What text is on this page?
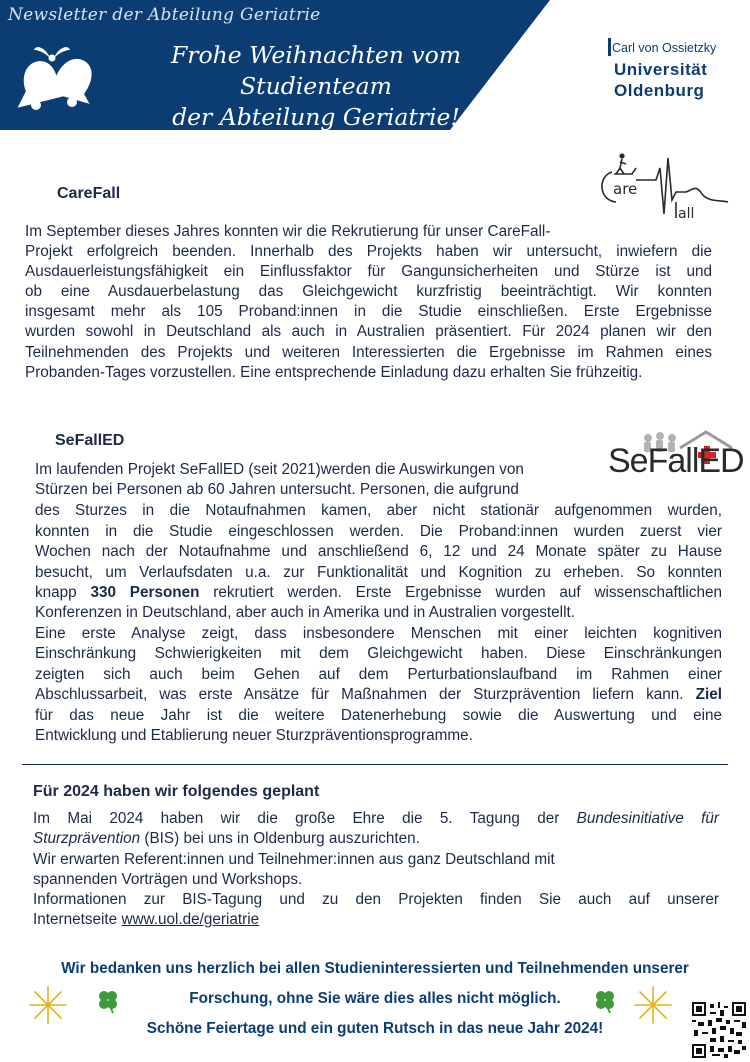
Newsletter der Abteilung Geriatrie
Frohe Weihnachten vom Studienteam
der Abteilung Geriatrie!
Carl von Ossietzky
Universität
Oldenburg
CareFall	are
all
Im September dieses Jahres konnten wir die Rekrutierung für unser CareFall-
Projekt erfolgreich beenden. Innerhalb des Projekts haben wir untersucht, inwiefern die
Ausdauerleistungsfähigkeit ein Einflussfaktor für Gangunsicherheiten und Stürze ist und
ob eine Ausdauerbelastung das Gleichgewicht kurzfristig beeinträchtigt. Wir konnten
insgesamt mehr als 105 Proband:innen in die Studie einschließen. Erste Ergebnisse
wurden sowohl in Deutschland als auch in Australien präsentiert. Für 2024 planen wir den
Teilnehmenden des Projekts und weiteren Interessierten die Ergebnisse im Rahmen eines
Probanden-Tages vorzustellen. Eine entsprechende Einladung dazu erhalten Sie frühzeitig.
SeFallED
SeFallED
Im laufenden Projekt SeFallED (seit 2021)werden die Auswirkungen von
Stürzen bei Personen ab 60 Jahren untersucht. Personen, die aufgrund
des Sturzes in die Notaufnahmen kamen, aber nicht stationär aufgenommen wurden,
konnten in die Studie eingeschlossen werden. Die Proband:innen wurden zuerst vier
Wochen nach der Notaufnahme und anschließend 6, 12 und 24 Monate später zu Hause
besucht, um Verlaufsdaten u.a. zur Funktionalität und Kognition zu erheben. So konnten
knapp 330 Personen rekrutiert werden. Erste Ergebnisse wurden auf wissenschaftlichen
Konferenzen in Deutschland, aber auch in Amerika und in Australien vorgestellt.
Eine erste Analyse zeigt, dass insbesondere Menschen mit einer leichten kognitiven
Einschränkung Schwierigkeiten mit dem Gleichgewicht haben. Diese Einschränkungen
zeigten sich auch beim Gehen auf dem Perturbationslaufband im Rahmen einer
Abschlussarbeit, was erste Ansätze für Maßnahmen der Sturzprävention liefern kann. Ziel
für das neue Jahr ist die weitere Datenerhebung sowie die Auswertung und eine
Entwicklung und Etablierung neuer Sturzpräventionsprogramme.
Für 2024 haben wir folgendes geplant
Im Mai 2024 haben wir die große Ehre die 5. Tagung der Bundesinitiative für
Sturzprävention (BIS) bei uns in Oldenburg auszurichten.
Wir erwarten Referent:innen und Teilnehmer:innen aus ganz Deutschland mit
spannenden Vorträgen und Workshops.
Informationen zur BIS-Tagung und zu den Projekten finden Sie auch auf unserer
Internetseite www.uol.de/geriatrie
Wir bedanken uns herzlich bei allen Studieninteressierten und Teilnehmenden unserer
Forschung, ohne Sie wäre dies alles nicht möglich.
Schöne Feiertage und ein guten Rutsch in das neue Jahr 2024!
